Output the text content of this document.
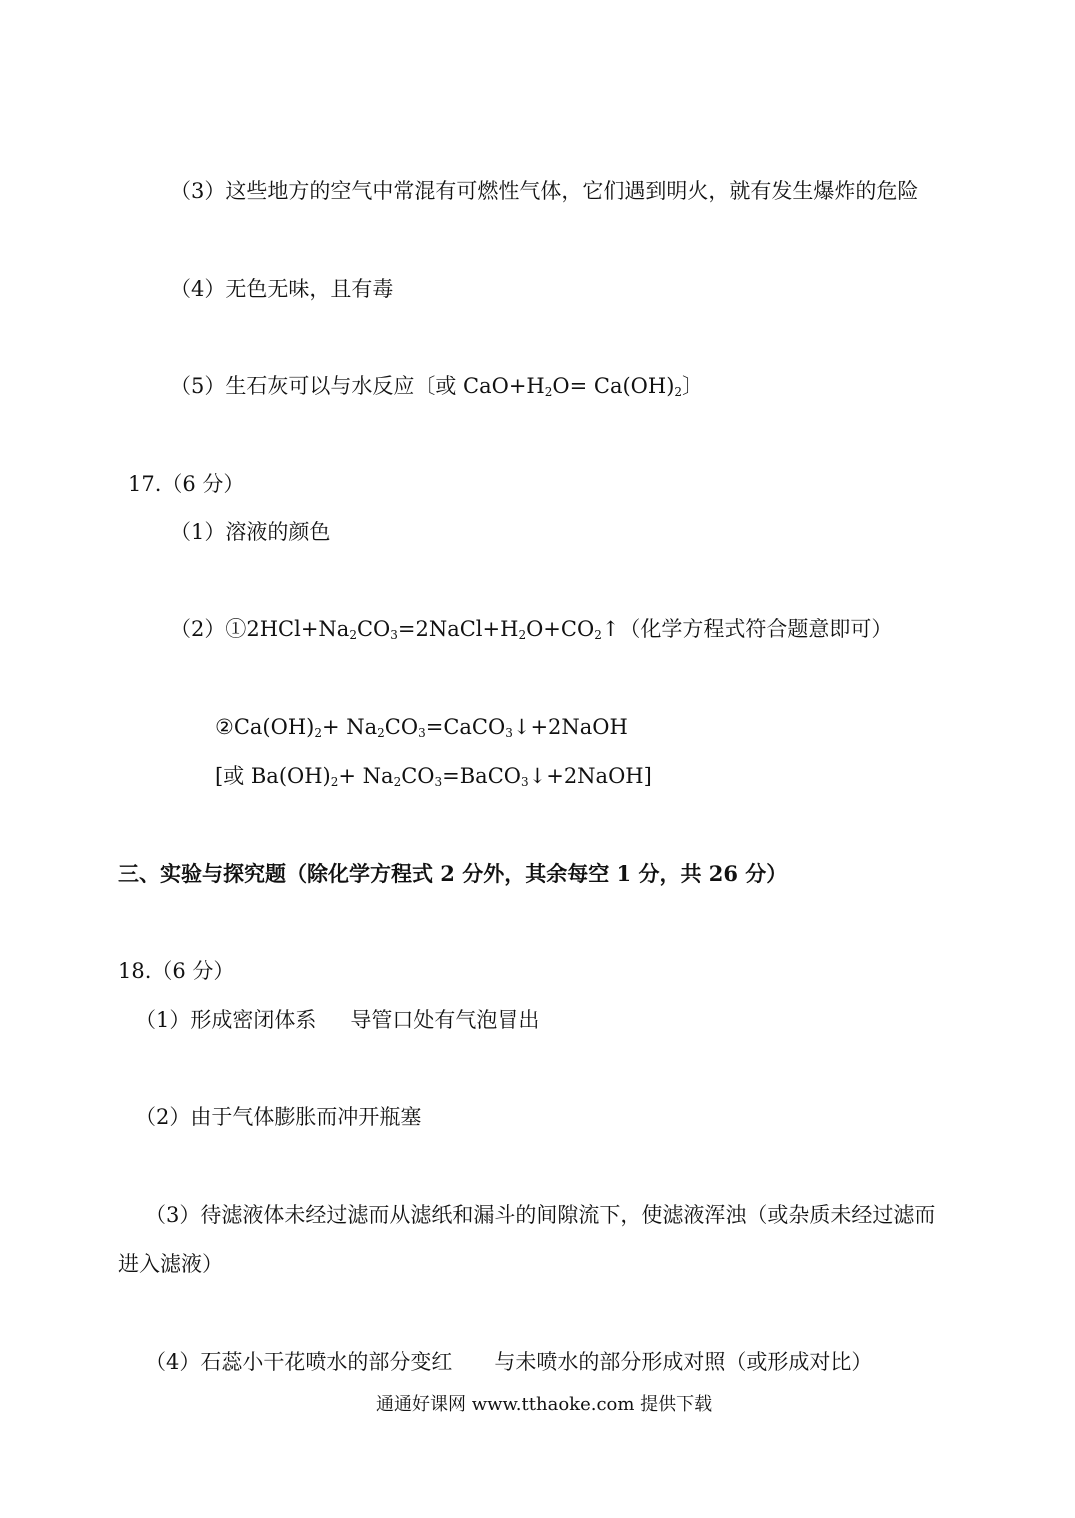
（3）这些地方的空气中常混有可燃性气体，它们遇到明火，就有发生爆炸的危险
（4）无色无味，且有毒
（5）生石灰可以与水反应〔或 $CaO+H_2O= Ca(OH)_2$〕
17.（6 分）
（1）溶液的颜色
$(2)①2HCl+Na_2CO_3=2NaCl+H_2O+CO_2↑$（化学方程式符合题意即可）
$②Ca(OH)_2+$ $Na_2CO_3=CaCO_3↓+2NaOH$
[或 $Ba(OH)_2+$ $Na_2CO_3=BaCO_3↓+2NaOH$]
三、实验与探究题（除化学方程式 2 分外，其余每空 1 分，共 26 分）
18.（6 分）
（1）形成密闭体系 导管口处有气泡冒出
（2）由于气体膨胀而冲开瓶塞
（3）待滤液体未经过滤而从滤纸和漏斗的间隙流下，使滤液浑浊（或杂质未经过滤而
进入滤液）
（4）石蕊小干花喷水的部分变红 与未喷水的部分形成对照（或形成对比）
通通好课网 www.tthaoke.com 提供下载
